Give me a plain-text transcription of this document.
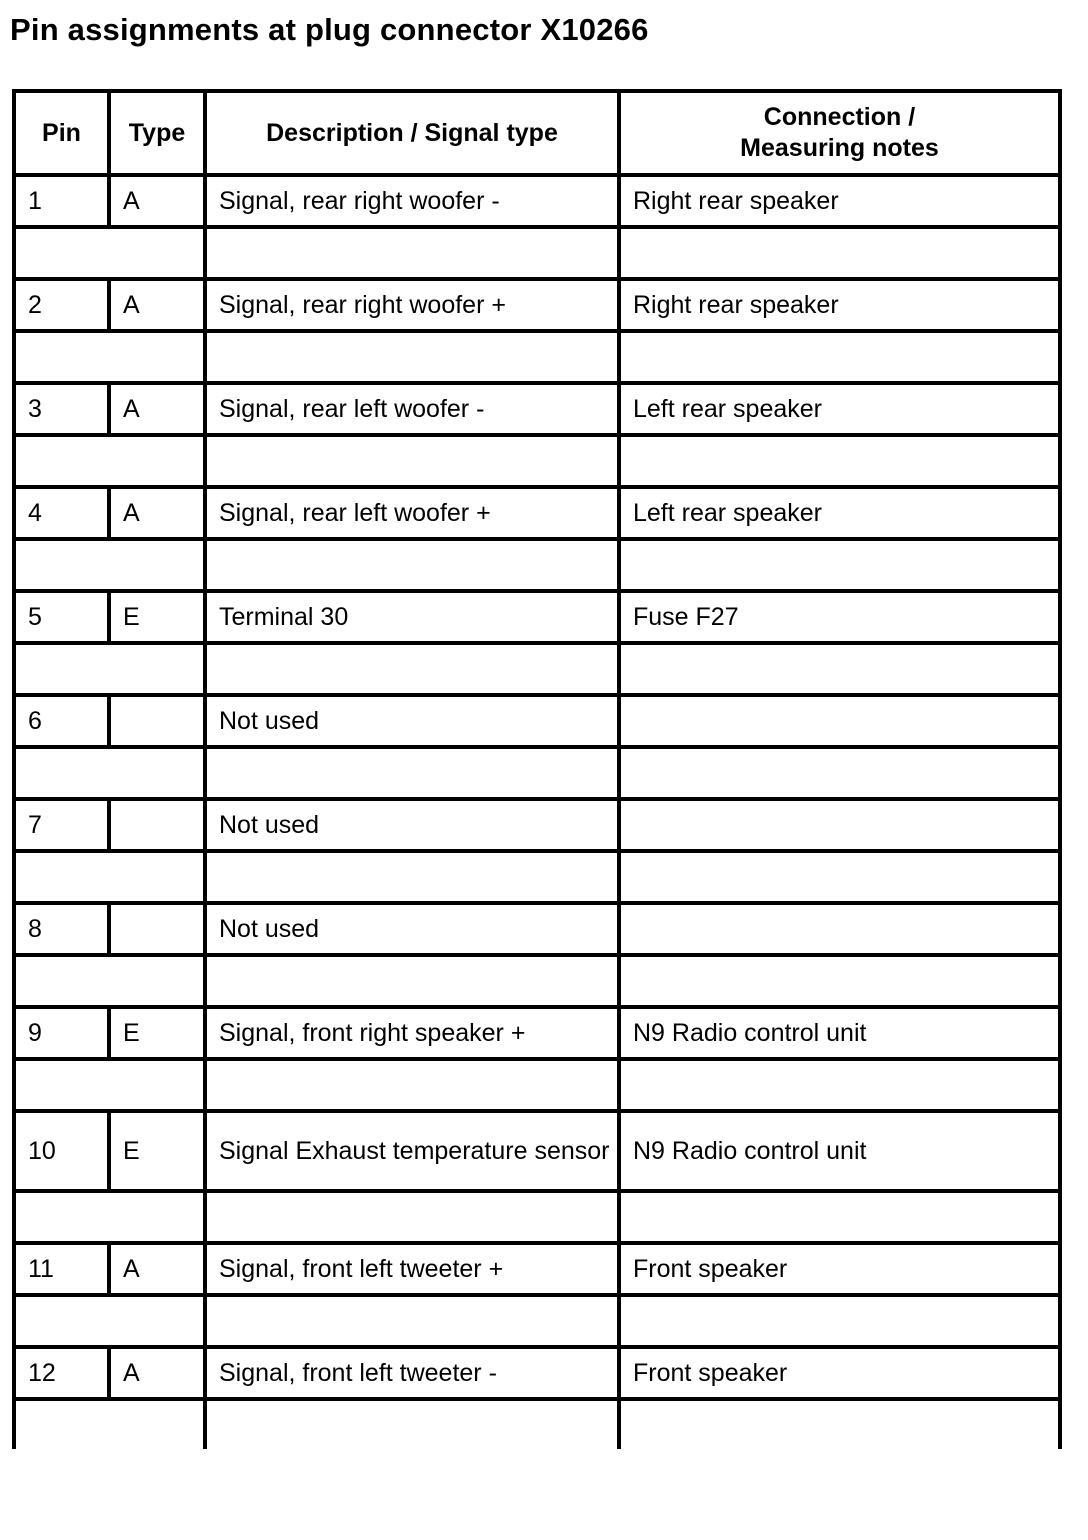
Pin assignments at plug connector X10266
Pin	Type	Description / Signal type	Connection /
Measuring notes

1	A	Signal, rear right woofer -	Right rear speaker

2	A	Signal, rear right woofer +	Right rear speaker

3	A	Signal, rear left woofer -	Left rear speaker

4	A	Signal, rear left woofer +	Left rear speaker

5	E	Terminal 30	Fuse F27

6		Not used	

7		Not used	

8		Not used	

9	E	Signal, front right speaker +	N9 Radio control unit

10	E	Signal Exhaust temperature sensor	N9 Radio control unit

11	A	Signal, front left tweeter +	Front speaker

12	A	Signal, front left tweeter -	Front speaker
